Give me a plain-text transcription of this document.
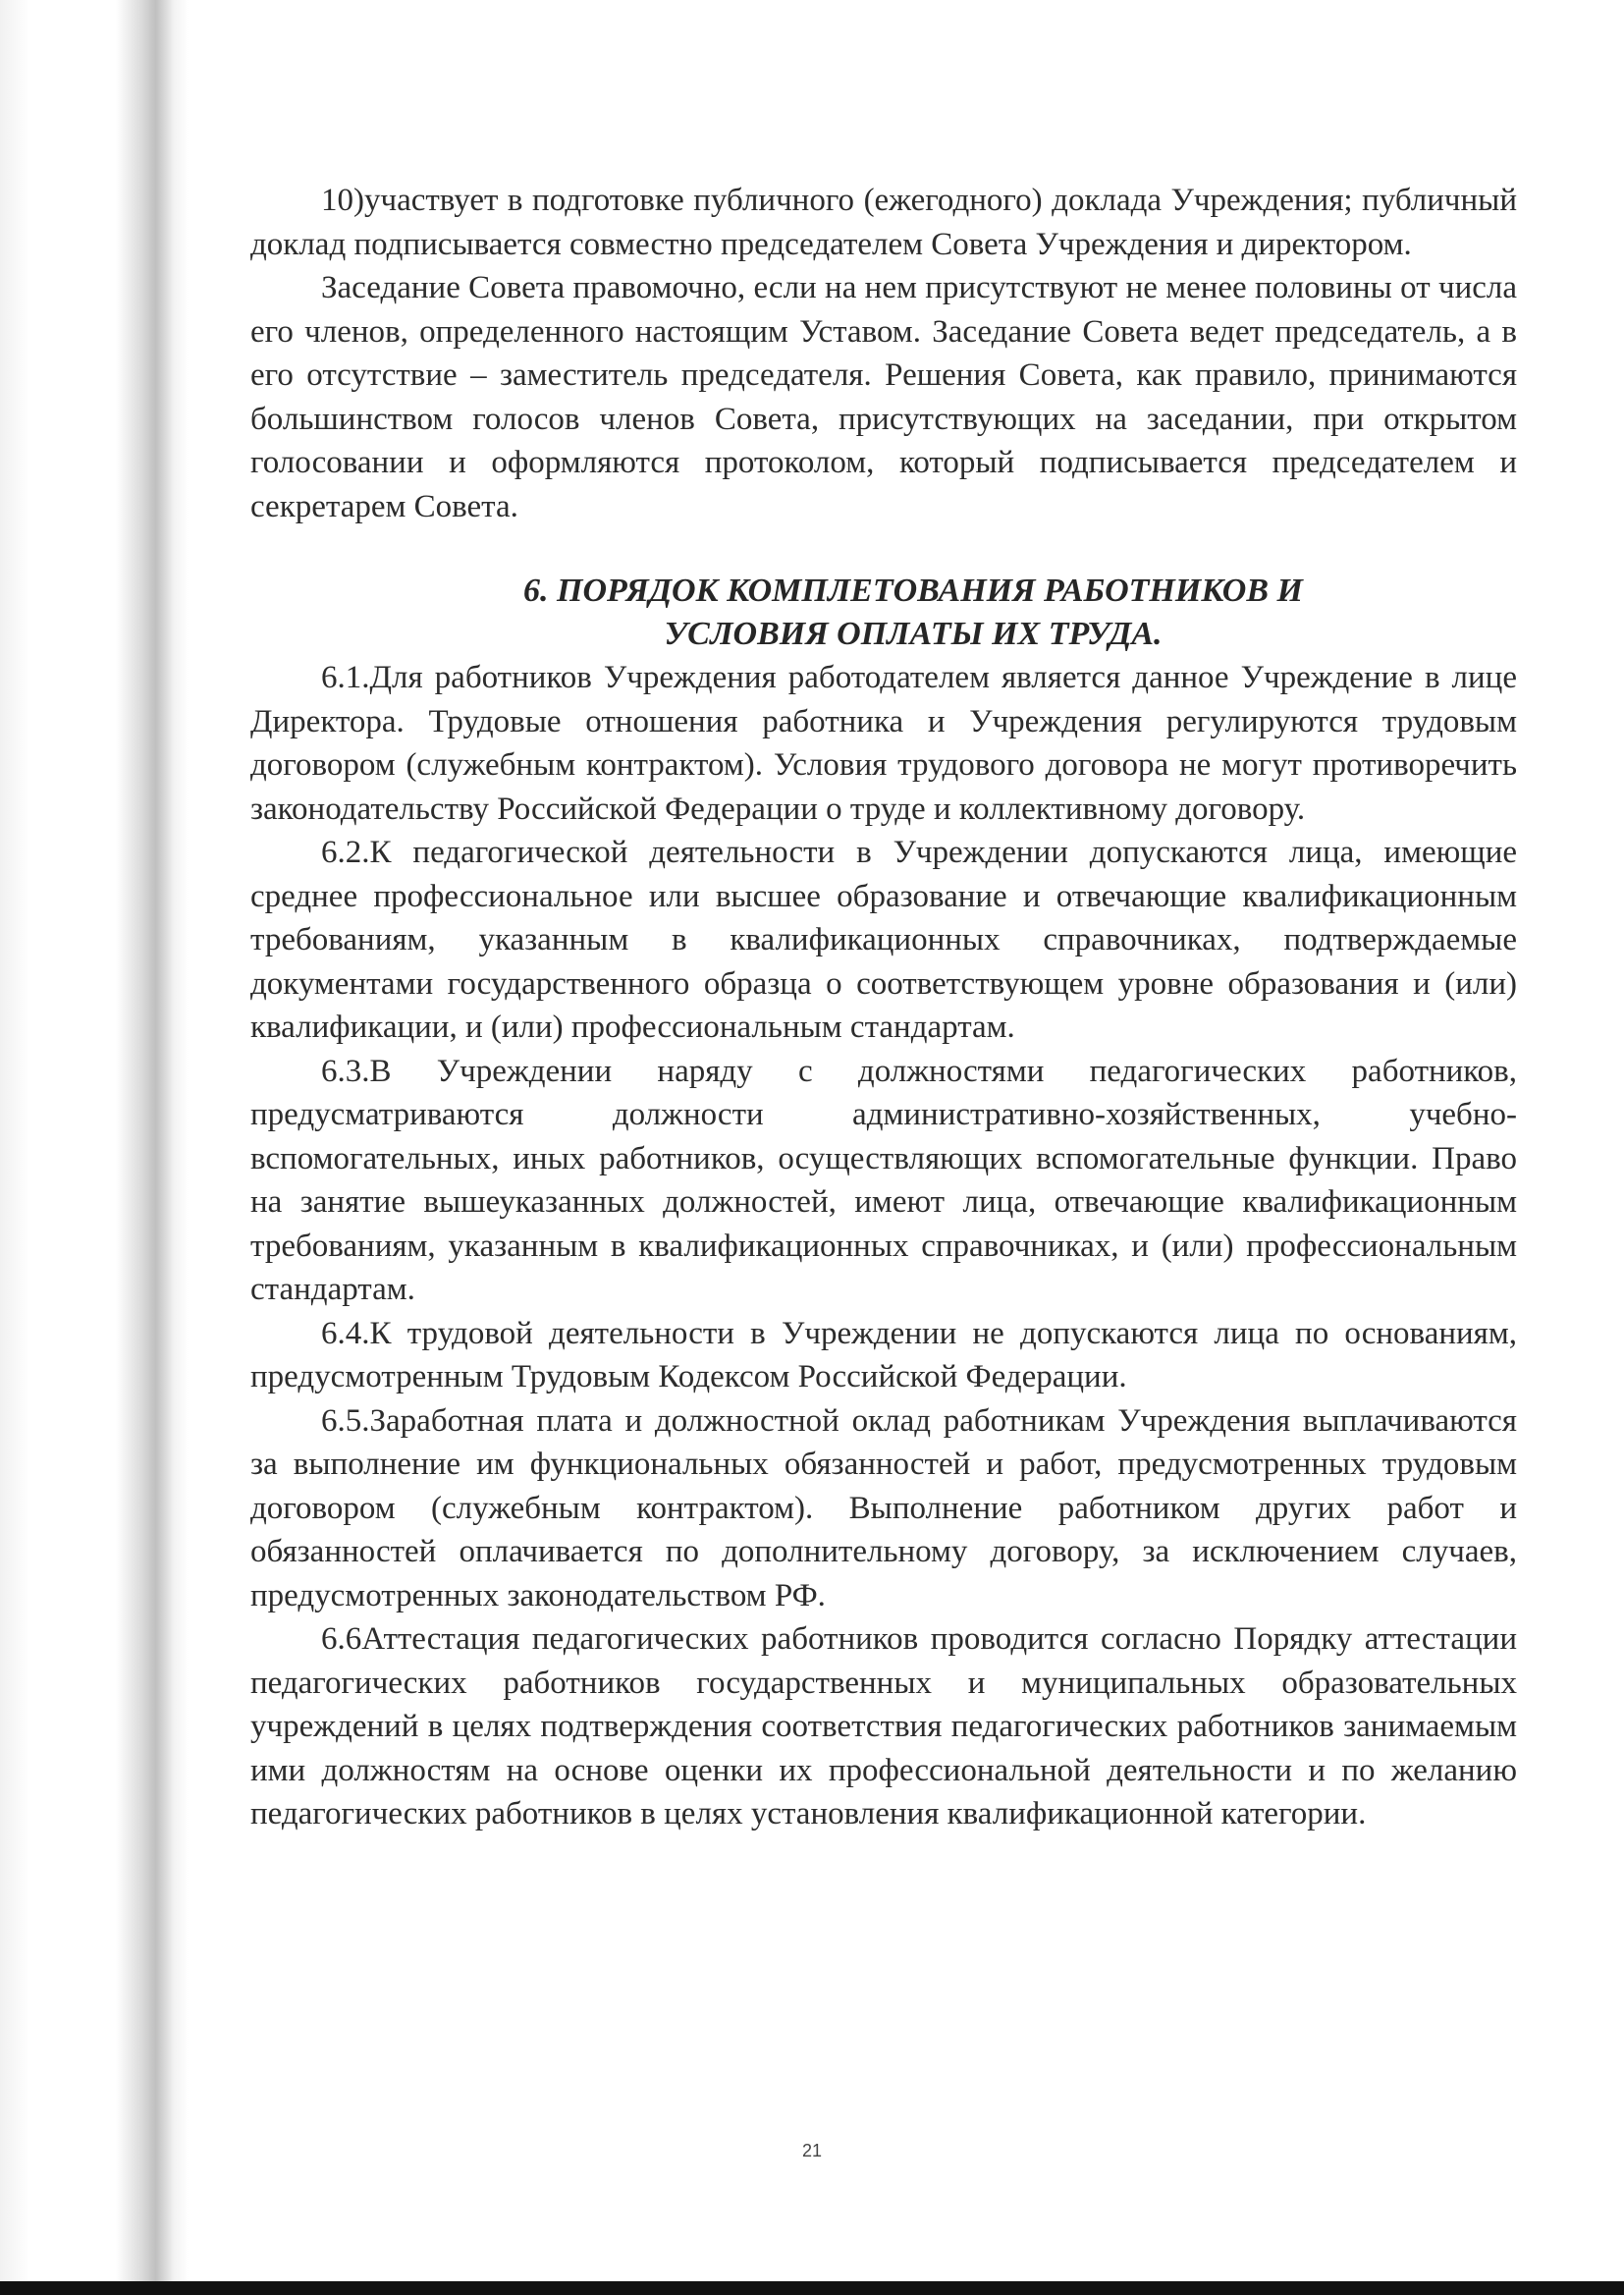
10)участвует в подготовке публичного (ежегодного) доклада Учреждения; публичный доклад подписывается совместно председателем Совета Учреждения и директором.

Заседание Совета правомочно, если на нем присутствуют не менее половины от числа его членов, определенного настоящим Уставом. Заседание Совета ведет председатель, а в его отсутствие – заместитель председателя. Решения Совета, как правило, принимаются большинством голосов членов Совета, присутствующих на заседании, при открытом голосовании и оформляются протоколом, который подписывается председателем и секретарем Совета.

6. ПОРЯДОК КОМПЛЕТОВАНИЯ РАБОТНИКОВ И
УСЛОВИЯ ОПЛАТЫ ИХ ТРУДА.

6.1.Для работников Учреждения работодателем является данное Учреждение в лице Директора. Трудовые отношения работника и Учреждения регулируются трудовым договором (служебным контрактом). Условия трудового договора не могут противоречить законодательству Российской Федерации о труде и коллективному договору.

6.2.К педагогической деятельности в Учреждении допускаются лица, имеющие среднее профессиональное или высшее образование и отвечающие квалификационным требованиям, указанным в квалификационных справочниках, подтверждаемые документами государственного образца о соответствующем уровне образования и (или) квалификации, и (или) профессиональным стандартам.

6.3.В Учреждении наряду с должностями педагогических работников, предусматриваются должности административно-хозяйственных, учебно-вспомогательных, иных работников, осуществляющих вспомогательные функции. Право на занятие вышеуказанных должностей, имеют лица, отвечающие квалификационным требованиям, указанным в квалификационных справочниках, и (или) профессиональным стандартам.

6.4.К трудовой деятельности в Учреждении не допускаются лица по основаниям, предусмотренным Трудовым Кодексом Российской Федерации.

6.5.Заработная плата и должностной оклад работникам Учреждения выплачиваются за выполнение им функциональных обязанностей и работ, предусмотренных трудовым договором (служебным контрактом). Выполнение работником других работ и обязанностей оплачивается по дополнительному договору, за исключением случаев, предусмотренных законодательством РФ.

6.6Аттестация педагогических работников проводится согласно Порядку аттестации педагогических работников государственных и муниципальных образовательных учреждений в целях подтверждения соответствия педагогических работников занимаемым ими должностям на основе оценки их профессиональной деятельности и по желанию педагогических работников в целях установления квалификационной категории.

21
